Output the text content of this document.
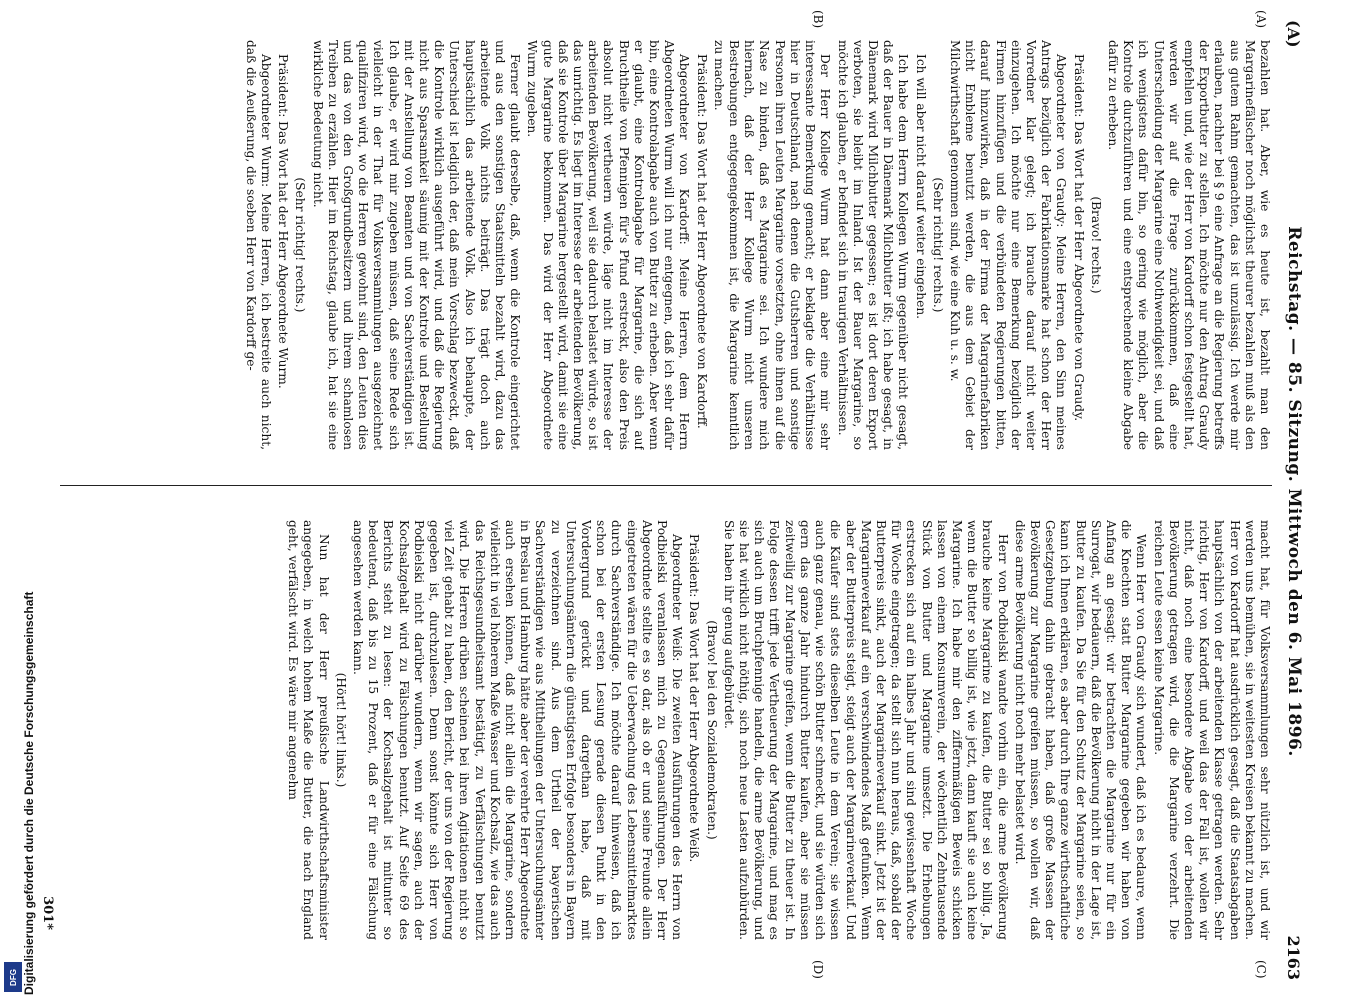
(A)
Reichstag. — 85. Sitzung. Mittwoch den 6. Mai 1896.
2163
(A)
(B)
(C)
(D)

bezahlen hat. Aber, wie es heute ist, bezahlt man den Margarinefälscher noch möglichst theurer bezahlen muß als den aus gutem Rahm gemachten, das ist unzulässig. Ich werde mir erlauben, nachher bei § 9 eine Anfrage an die Regierung betreffs der Exportbutter zu stellen. Ich möchte nur den Antrag Graudy empfehlen und, wie der Herr von Kardorff schon festgestellt hat, werden wir auf die Frage zurückkommen, daß eine Unterscheidung der Margarine eine Nothwendigkeit sei, und daß ich wenigstens dafür bin, so gering wie möglich, aber die Kontrole durchzuführen und eine entsprechende kleine Abgabe dafür zu erheben.

(Bravo! rechts.)

Präsident: Das Wort hat der Herr Abgeordnete von Graudy.

Abgeordneter von Graudy: Meine Herren, den Sinn meines Antrags bezüglich der Fabrikationsmarke hat schon der Herr Vorredner klar gelegt; ich brauche darauf nicht weiter einzugehen. Ich möchte nur eine Bemerkung bezüglich der Firmen hinzufügen und die verbündeten Regierungen bitten, darauf hinzuwirken, daß in der Firma der Margarinefabriken nicht Embleme benutzt werden, die aus dem Gebiet der Milchwirthschaft genommen sind, wie eine Kuh u. s. w.

(Sehr richtig! rechts.)

Ich will aber nicht darauf weiter eingehen.

Ich habe dem Herrn Kollegen Wurm gegenüber nicht gesagt, daß der Bauer in Dänemark Milchbutter ißt; ich habe gesagt, in Dänemark wird Milchbutter gegessen; es ist dort deren Export verboten, sie bleibt im Inland. Ist der Bauer Margarine, so möchte ich glauben, er befindet sich in traurigen Verhältnissen.

Der Herr Kollege Wurm hat dann aber eine mir sehr interessante Bemerkung gemacht; er beklagte die Verhältnisse hier in Deutschland, nach denen die Gutsherren und sonstige Personen ihren Leuten Margarine vorsetzten, ohne ihnen auf die Nase zu binden, daß es Margarine sei. Ich wundere mich hiernach, daß der Herr Kollege Wurm nicht unseren Bestrebungen entgegengekommen ist, die Margarine kenntlich zu machen.

Präsident: Das Wort hat der Herr Abgeordnete von Kardorff.

Abgeordneter von Kardorff: Meine Herren, dem Herrn Abgeordneten Wurm will ich nur entgegnen, daß ich sehr dafür bin, eine Kontrolabgabe auch von Butter zu erheben. Aber wenn er glaubt, eine Kontrolabgabe für Margarine, die sich auf Bruchtheile von Pfennigen für's Pfund erstreckt, also den Preis absolut nicht vertheuern würde, läge nicht im Interesse der arbeitenden Bevölkerung, weil sie dadurch belastet würde, so ist das unrichtig. Es liegt im Interesse der arbeitenden Bevölkerung, daß sie Kontrole über Margarine hergestellt wird, damit sie eine gute Margarine bekommen. Das wird der Herr Abgeordnete Wurm zugeben.

Ferner glaubt derselbe, daß, wenn die Kontrole eingerichtet und aus den sonstigen Staatsmitteln bezahlt wird, dazu das arbeitende Volk nichts beiträgt. Das trägt doch auch hauptsächlich das arbeitende Volk. Also ich behaupte, der Unterschied ist lediglich der, daß mein Vorschlag bezweckt, daß die Kontrole wirklich ausgeführt wird, und daß die Regierung nicht aus Sparsamkeit säumig mit der Kontrole und Bestellung mit der Anstellung von Beamten und von Sachverständigen ist. Ich glaube, er wird mir zugeben müssen, daß seine Rede sich vielleicht in der That für Volksversammlungen ausgezeichnet qualifiziren wird, wo die Herren gewohnt sind, den Leuten dies und das von den Großgrundbesitzern und ihrem schamlosen Treiben zu erzählen. Hier im Reichstag, glaube ich, hat sie eine wirkliche Bedeutung nicht.

(Sehr richtig! rechts.)

Präsident: Das Wort hat der Herr Abgeordnete Wurm.

Abgeordneter Wurm: Meine Herren, ich bestreite auch nicht, daß die Aeußerung, die soeben Herr von Kardorff ge-

macht hat, für Volksversammlungen sehr nützlich ist, und wir werden uns bemühen, sie in weitesten Kreisen bekannt zu machen. Herr von Kardorff hat ausdrücklich gesagt, daß die Staatsabgaben hauptsächlich von der arbeitenden Klasse getragen werden. Sehr richtig, Herr von Kardorff, und weil das der Fall ist, wollen wir nicht, daß noch eine besondere Abgabe von der arbeitenden Bevölkerung getragen wird, die die Margarine verzehrt. Die reichen Leute essen keine Margarine.

Wenn Herr von Graudy sich wundert, daß ich es bedaure, wenn die Knechten statt Butter Margarine gegeben wir haben von Anfang an gesagt: wir betrachten die Margarine nur für ein Surrogat, wir bedauern, daß die Bevölkerung nicht in der Lage ist, Butter zu kaufen. Da Sie für den Schutz der Margarine seien, so kann ich Ihnen erklären, es aber durch Ihre ganze wirthschaftliche Gesetzgebung dahin gebracht haben, daß große Massen der Bevölkerung zur Margarine greifen müssen, so wollen wir, daß diese arme Bevölkerung nicht noch mehr belastet wird.

Herr von Podbielski wandte vorhin ein, die arme Bevölkerung brauche keine Margarine zu kaufen, die Butter sei so billig. Ja, wenn die Butter so billig ist, wie jetzt, dann kauft sie auch keine Margarine. Ich habe mir den ziffernmäßigen Beweis schicken lassen von einem Konsumverein, der wöchentlich Zehntausende Stück von Butter und Margarine umsetzt. Die Erhebungen erstrecken sich auf ein halbes Jahr und sind gewissenhaft Woche für Woche eingetragen; da stellt sich nun heraus, daß, sobald der Butterpreis sinkt, auch der Margarineverkauf sinkt. Jetzt ist der Margarineverkauf auf ein verschwindendes Maß gefunken. Wenn aber der Butterpreis steigt, steigt auch der Margarineverkauf. Und die Käufer sind stets dieselben Leute in dem Verein; sie wissen auch ganz genau, wie schön Butter schmeckt, und sie würden sich gern das ganze Jahr hindurch Butter kaufen, aber sie müssen zeitweilig zur Margarine greifen, wenn die Butter zu theuer ist. In Folge dessen trifft jede Vertheuerung der Margarine, und mag es sich auch um Bruchpfennige handeln, die arme Bevölkerung, und sie hat wirklich nicht nöthig, sich noch neue Lasten aufzubürden. Sie haben ihr genug aufgebürdet.

(Bravo! bei den Sozialdemokraten.)

Präsident: Das Wort hat der Herr Abgeordnete Weiß.

Abgeordneter Weiß: Die zweiten Ausführungen des Herrn von Podbielski veranlassen mich zu Gegenausführungen. Der Herr Abgeordnete stellte es so dar, als ob er und seine Freunde allein eingetreten wären für die Ueberwachung des Lebensmittelmarktes durch Sachverständige. Ich möchte darauf hinweisen, daß ich schon bei der ersten Lesung gerade diesen Punkt in den Vordergrund gerückt und dargethan habe, daß mit Untersuchungsämtern die günstigsten Erfolge besonders in Bayern zu verzeichnen sind. Aus dem Urtheil der bayerischen Sachverständigen wie aus Mittheilungen der Untersuchungsämter in Breslau und Hamburg hätte aber der verehrte Herr Abgeordnete auch ersehen können, daß nicht allein die Margarine, sondern vielleicht in viel höherem Maße Wasser und Kochsalz, wie das auch das Reichsgesundheitsamt bestätigt, zu Verfälschungen benutzt wird. Die Herren drüben scheinen bei ihren Agitationen nicht so viel Zeit gehabt zu haben, den Bericht, der uns von der Regierung gegeben ist, durchzulesen. Denn sonst könnte sich Herr von Podbielski nicht darüber wundern, wenn wir sagen, auch der Kochsalzgehalt wird zu Fälschungen benutzt. Auf Seite 69 des Berichts steht zu lesen: der Kochsalzgehalt ist mitunter so bedeutend, daß bis zu 15 Prozent, daß er für eine Fälschung angesehen werden kann.

(Hört! hört! links.)

Nun hat der Herr preußische Landwirthschaftsminister angegeben, in welch hohem Maße die Butter, die nach England geht, verfälscht wird. Es wäre mir angenehm

301*
Digitalisierung gefördert durch die Deutsche Forschungsgemeinschaft
DFG
